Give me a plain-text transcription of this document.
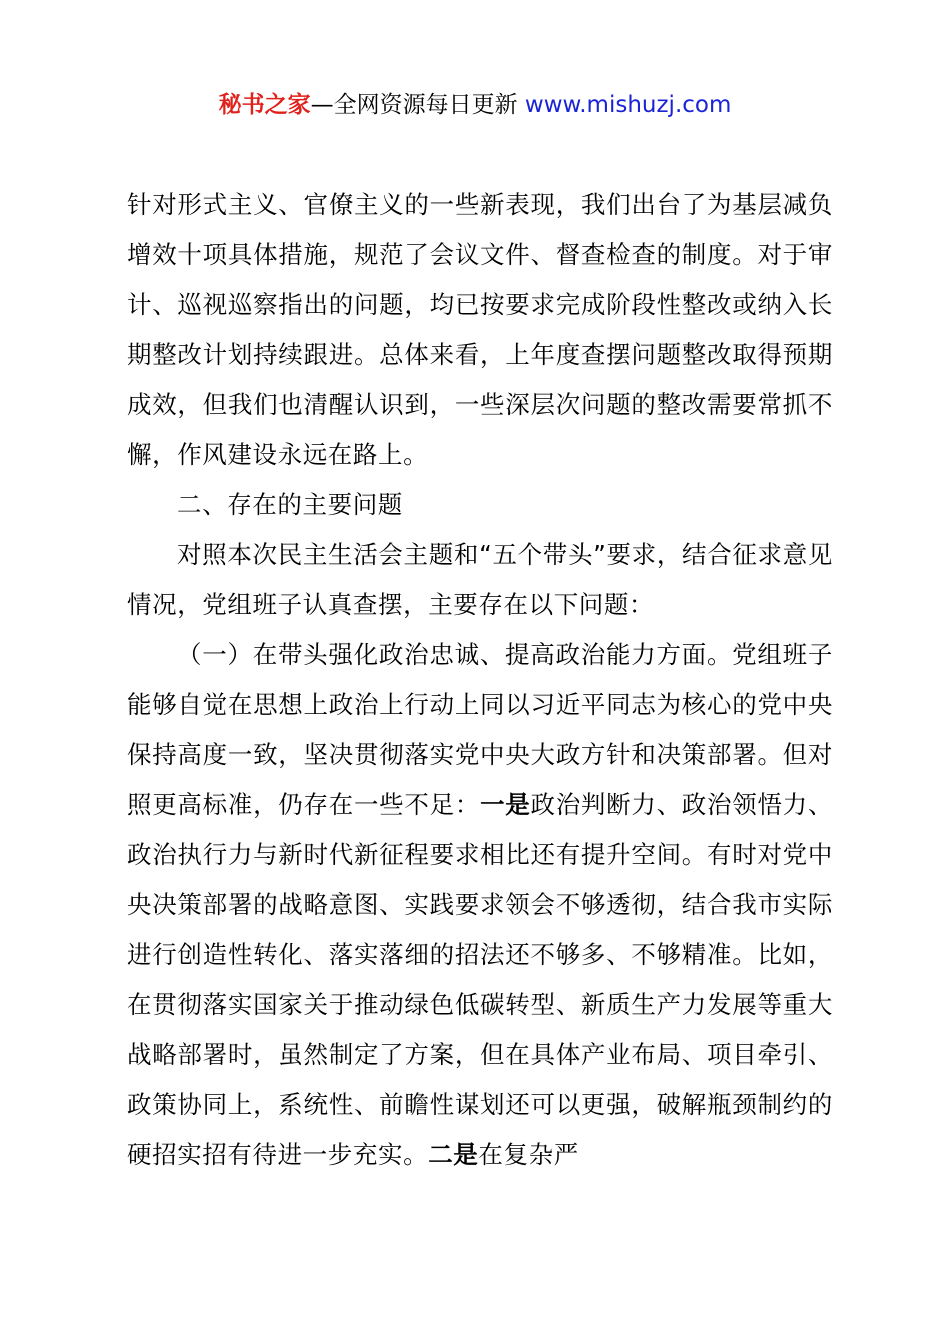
秘书之家—全网资源每日更新 www.mishuzj.com

针对形式主义、官僚主义的一些新表现，我们出台了为基层减负增效十项具体措施，规范了会议文件、督查检查的制度。对于审计、巡视巡察指出的问题，均已按要求完成阶段性整改或纳入长期整改计划持续跟进。总体来看，上年度查摆问题整改取得预期成效，但我们也清醒认识到，一些深层次问题的整改需要常抓不懈，作风建设永远在路上。

二、存在的主要问题

对照本次民主生活会主题和“五个带头”要求，结合征求意见情况，党组班子认真查摆，主要存在以下问题：

（一）在带头强化政治忠诚、提高政治能力方面。党组班子能够自觉在思想上政治上行动上同以习近平同志为核心的党中央保持高度一致，坚决贯彻落实党中央大政方针和决策部署。但对照更高标准，仍存在一些不足：一是政治判断力、政治领悟力、政治执行力与新时代新征程要求相比还有提升空间。有时对党中央决策部署的战略意图、实践要求领会不够透彻，结合我市实际进行创造性转化、落实落细的招法还不够多、不够精准。比如，在贯彻落实国家关于推动绿色低碳转型、新质生产力发展等重大战略部署时，虽然制定了方案，但在具体产业布局、项目牵引、政策协同上，系统性、前瞻性谋划还可以更强，破解瓶颈制约的硬招实招有待进一步充实。二是在复杂严
